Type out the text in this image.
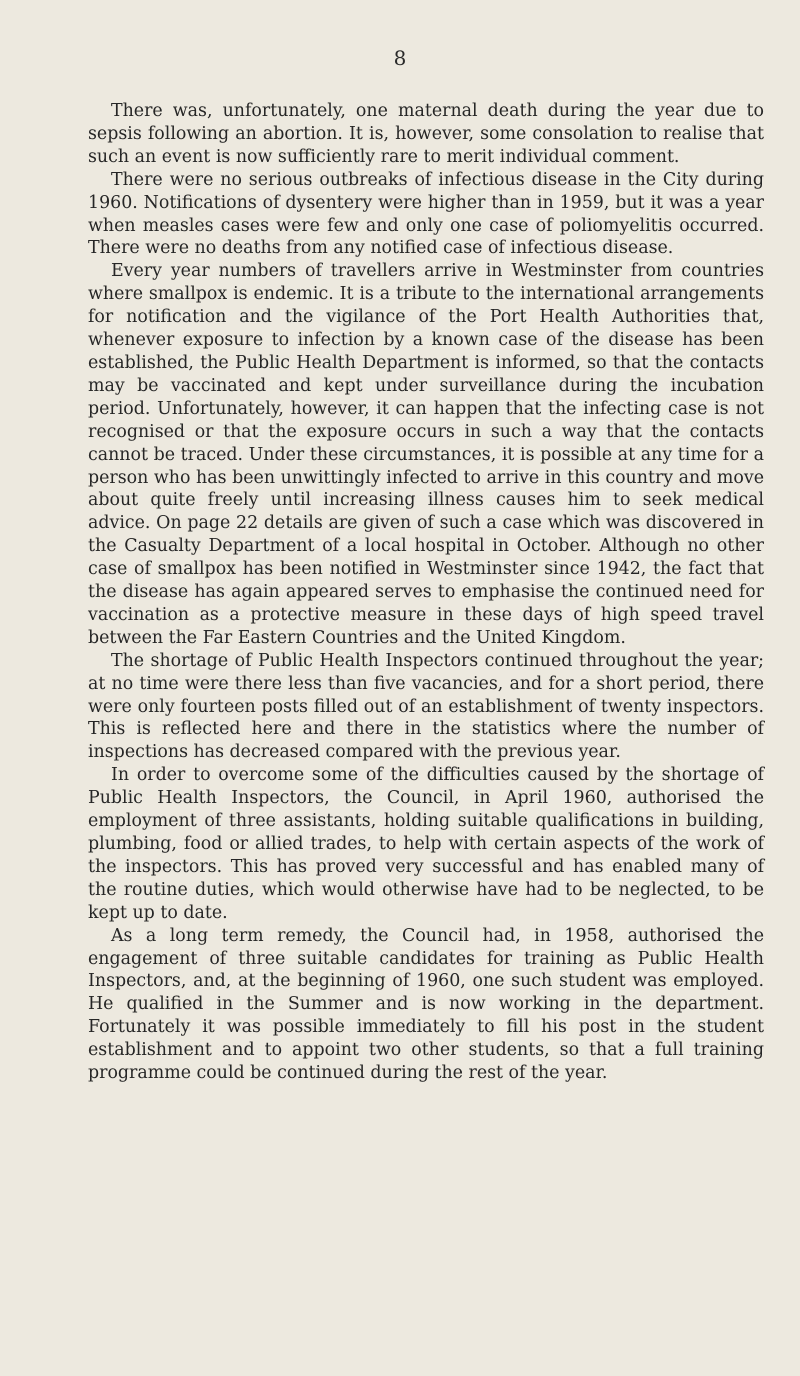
8

There was, unfortunately, one maternal death during the year due to sepsis following an abortion. It is, however, some consolation to realise that such an event is now sufficiently rare to merit individual comment.

There were no serious outbreaks of infectious disease in the City during 1960. Notifications of dysentery were higher than in 1959, but it was a year when measles cases were few and only one case of poliomyelitis occurred. There were no deaths from any notified case of infectious disease.

Every year numbers of travellers arrive in Westminster from countries where smallpox is endemic. It is a tribute to the international arrangements for notification and the vigilance of the Port Health Authorities that, whenever exposure to infection by a known case of the disease has been established, the Public Health Department is informed, so that the contacts may be vaccinated and kept under surveillance during the incubation period. Unfortunately, however, it can happen that the infecting case is not recognised or that the exposure occurs in such a way that the contacts cannot be traced. Under these circumstances, it is possible at any time for a person who has been unwittingly infected to arrive in this country and move about quite freely until increasing illness causes him to seek medical advice. On page 22 details are given of such a case which was discovered in the Casualty Department of a local hospital in October. Although no other case of smallpox has been notified in Westminster since 1942, the fact that the disease has again appeared serves to emphasise the continued need for vaccination as a protective measure in these days of high speed travel between the Far Eastern Countries and the United Kingdom.

The shortage of Public Health Inspectors continued throughout the year; at no time were there less than five vacancies, and for a short period, there were only fourteen posts filled out of an establishment of twenty inspectors. This is reflected here and there in the statistics where the number of inspections has decreased compared with the previous year.

In order to overcome some of the difficulties caused by the shortage of Public Health Inspectors, the Council, in April 1960, authorised the employment of three assistants, holding suitable qualifications in building, plumbing, food or allied trades, to help with certain aspects of the work of the inspectors. This has proved very successful and has enabled many of the routine duties, which would otherwise have had to be neglected, to be kept up to date.

As a long term remedy, the Council had, in 1958, authorised the engagement of three suitable candidates for training as Public Health Inspectors, and, at the beginning of 1960, one such student was employed. He qualified in the Summer and is now working in the department. Fortunately it was possible immediately to fill his post in the student establishment and to appoint two other students, so that a full training programme could be continued during the rest of the year.
